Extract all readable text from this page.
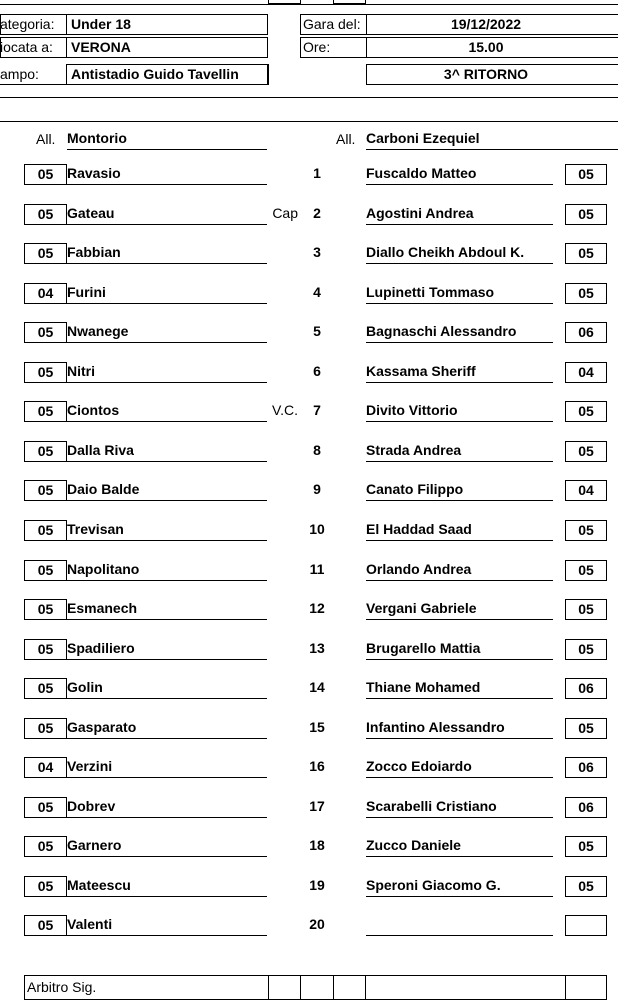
ategoria: Under 18
iocata a: VERONA
ampo: Antistadio Guido Tavellin
Gara del:	19/12/2022
Ore:	15.00
3^ RITORNO
All. Montorio	All. Carboni Ezequiel
05 Ravasio	1	Fuscaldo Matteo	05
05 Gateau	Cap	2	Agostini Andrea	05
05 Fabbian	3	Diallo Cheikh Abdoul K.	05
04 Furini	4	Lupinetti Tommaso	05
05 Nwanege	5	Bagnaschi Alessandro	06
05 Nitri	6	Kassama Sheriff	04
05 Ciontos	V.C.	7	Divito Vittorio	05
05 Dalla Riva	8	Strada Andrea	05
05 Daio Balde	9	Canato Filippo	04
05 Trevisan	10	El Haddad Saad	05
05 Napolitano	11	Orlando Andrea	05
05 Esmanech	12	Vergani Gabriele	05
05 Spadiliero	13	Brugarello Mattia	05
05 Golin	14	Thiane Mohamed	06
05 Gasparato	15	Infantino Alessandro	05
04 Verzini	16	Zocco Edoiardo	06
05 Dobrev	17	Scarabelli Cristiano	06
05 Garnero	18	Zucco Daniele	05
05 Mateescu	19	Speroni Giacomo G.	05
05 Valenti	20
Arbitro Sig.
